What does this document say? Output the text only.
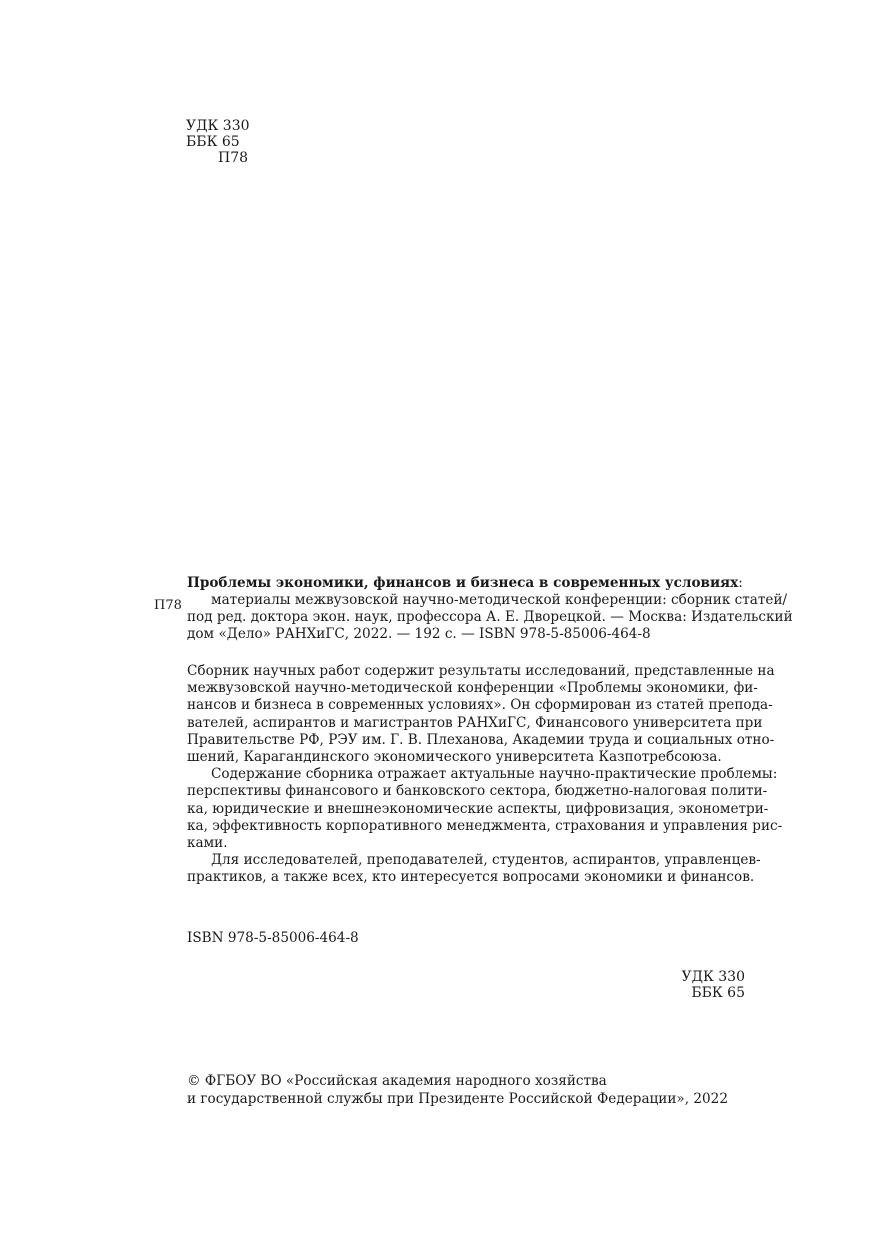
УДК 330
ББК 65
П78
П78
Проблемы экономики, финансов и бизнеса в современных условиях:
материалы межвузовской научно-методической конференции: сборник статей/
под ред. доктора экон. наук, профессора А. Е. Дворецкой. — Москва: Издательский
дом «Дело» РАНХиГС, 2022. — 192 с. — ISBN 978-5-85006-464-8
Сборник научных работ содержит результаты исследований, представленные на
межвузовской научно-методической конференции «Проблемы экономики, фи-
нансов и бизнеса в современных условиях». Он сформирован из статей препода-
вателей, аспирантов и магистрантов РАНХиГС, Финансового университета при
Правительстве РФ, РЭУ им. Г. В. Плеханова, Академии труда и социальных отно-
шений, Карагандинского экономического университета Казпотребсоюза.
Содержание сборника отражает актуальные научно-практические проблемы:
перспективы финансового и банковского сектора, бюджетно-налоговая полити-
ка, юридические и внешнеэкономические аспекты, цифровизация, эконометри-
ка, эффективность корпоративного менеджмента, страхования и управления рис-
ками.
Для исследователей, преподавателей, студентов, аспирантов, управленцев-
практиков, а также всех, кто интересуется вопросами экономики и финансов.
ISBN 978-5-85006-464-8
УДК 330
ББК 65
© ФГБОУ ВО «Российская академия народного хозяйства
и государственной службы при Президенте Российской Федерации», 2022
